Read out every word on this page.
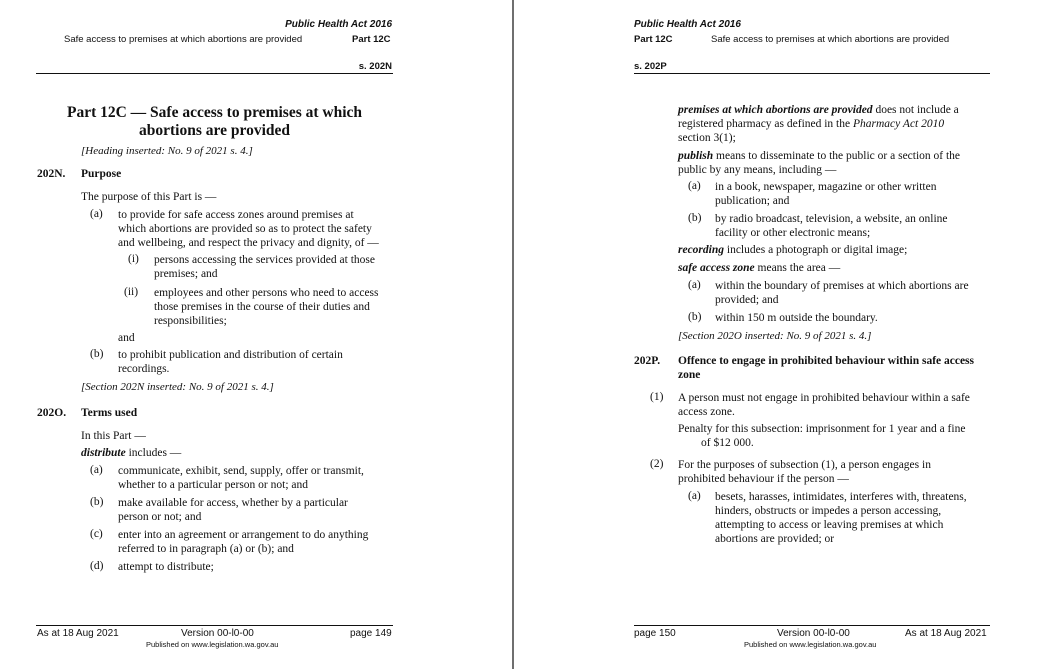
Public Health Act 2016
Safe access to premises at which abortions are provided	Part 12C
s. 202N
Part 12C — Safe access to premises at which abortions are provided
[Heading inserted: No. 9 of 2021 s. 4.]
202N. Purpose
The purpose of this Part is —
(a) to provide for safe access zones around premises at
which abortions are provided so as to protect the safety
and wellbeing, and respect the privacy and dignity, of —
(i) persons accessing the services provided at those
premises; and
(ii) employees and other persons who need to access
those premises in the course of their duties and
responsibilities;
and
(b) to prohibit publication and distribution of certain
recordings.
[Section 202N inserted: No. 9 of 2021 s. 4.]
202O. Terms used
In this Part —
distribute includes —
(a) communicate, exhibit, send, supply, offer or transmit,
whether to a particular person or not; and
(b) make available for access, whether by a particular
person or not; and
(c) enter into an agreement or arrangement to do anything
referred to in paragraph (a) or (b); and
(d) attempt to distribute;
As at 18 Aug 2021	Version 00-l0-00	page 149
Published on www.legislation.wa.gov.au
Public Health Act 2016
Part 12C	Safe access to premises at which abortions are provided
s. 202P
premises at which abortions are provided does not include a
registered pharmacy as defined in the Pharmacy Act 2010
section 3(1);
publish means to disseminate to the public or a section of the
public by any means, including —
(a) in a book, newspaper, magazine or other written
publication; and
(b) by radio broadcast, television, a website, an online
facility or other electronic means;
recording includes a photograph or digital image;
safe access zone means the area —
(a) within the boundary of premises at which abortions are
provided; and
(b) within 150 m outside the boundary.
[Section 202O inserted: No. 9 of 2021 s. 4.]
202P. Offence to engage in prohibited behaviour within safe access
zone
(1) A person must not engage in prohibited behaviour within a safe
access zone.
Penalty for this subsection: imprisonment for 1 year and a fine
of $12 000.
(2) For the purposes of subsection (1), a person engages in
prohibited behaviour if the person —
(a) besets, harasses, intimidates, interferes with, threatens,
hinders, obstructs or impedes a person accessing,
attempting to access or leaving premises at which
abortions are provided; or
page 150	Version 00-l0-00	As at 18 Aug 2021
Published on www.legislation.wa.gov.au
